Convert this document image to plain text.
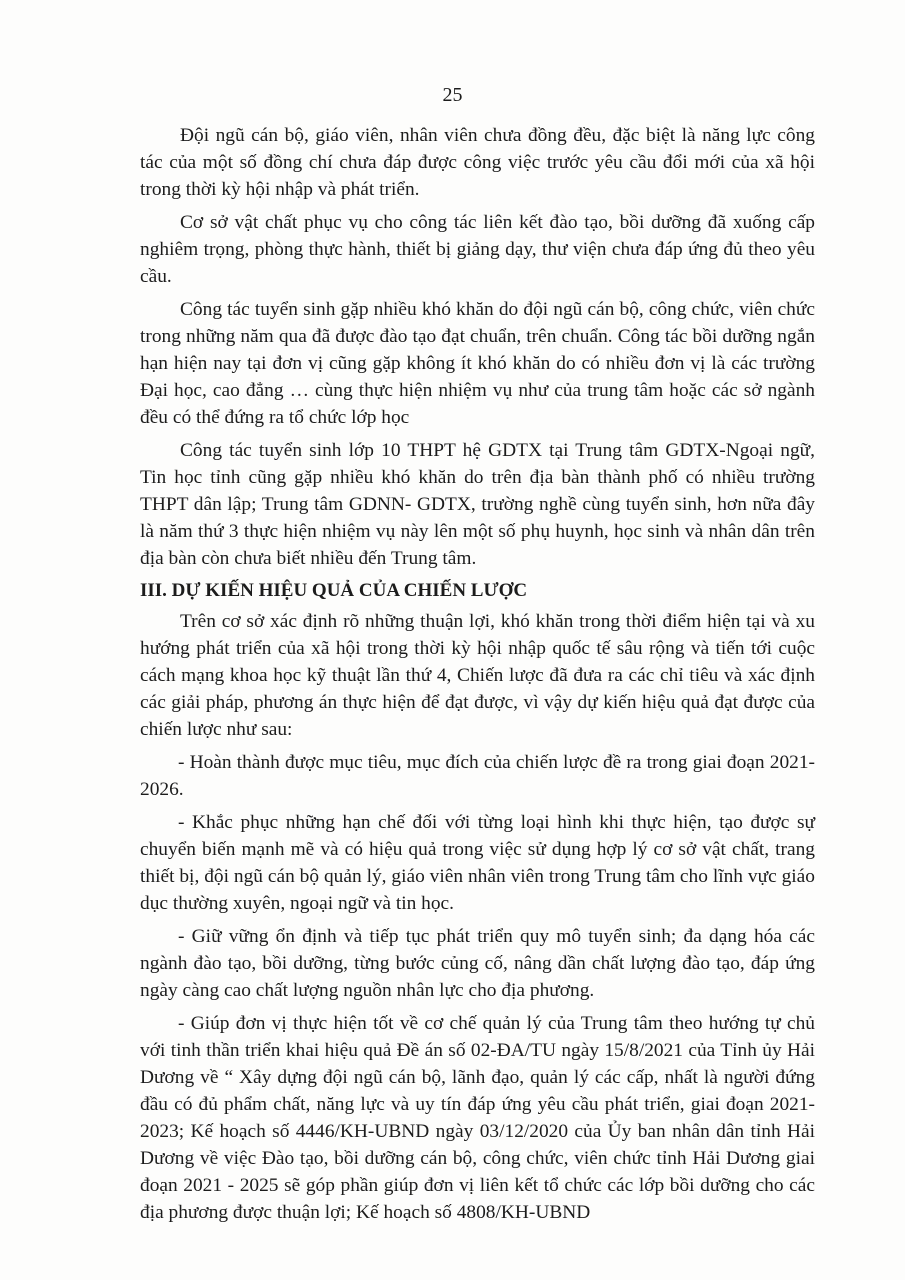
25

Đội ngũ cán bộ, giáo viên, nhân viên chưa đồng đều, đặc biệt là năng lực công tác của một số đồng chí chưa đáp được công việc trước yêu cầu đổi mới của xã hội trong thời kỳ hội nhập và phát triển.

Cơ sở vật chất phục vụ cho công tác liên kết đào tạo, bồi dưỡng đã xuống cấp nghiêm trọng, phòng thực hành, thiết bị giảng dạy, thư viện chưa đáp ứng đủ theo yêu cầu.

Công tác tuyển sinh gặp nhiều khó khăn do đội ngũ cán bộ, công chức, viên chức trong những năm qua đã được đào tạo đạt chuẩn, trên chuẩn. Công tác bồi dưỡng ngắn hạn hiện nay tại đơn vị cũng gặp không ít khó khăn do có nhiều đơn vị là các trường Đại học, cao đẳng … cùng thực hiện nhiệm vụ như của trung tâm hoặc các sở ngành đều có thể đứng ra tổ chức lớp học

Công tác tuyển sinh lớp 10 THPT hệ GDTX tại Trung tâm GDTX-Ngoại ngữ, Tin học tỉnh cũng gặp nhiều khó khăn do trên địa bàn thành phố có nhiều trường THPT dân lập; Trung tâm GDNN- GDTX, trường nghề cùng tuyển sinh, hơn nữa đây là năm thứ 3 thực hiện nhiệm vụ này lên một số phụ huynh, học sinh và nhân dân trên địa bàn còn chưa biết nhiều đến Trung tâm.

III. DỰ KIẾN HIỆU QUẢ CỦA CHIẾN LƯỢC

Trên cơ sở xác định rõ những thuận lợi, khó khăn trong thời điểm hiện tại và xu hướng phát triển của xã hội trong thời kỳ hội nhập quốc tế sâu rộng và tiến tới cuộc cách mạng khoa học kỹ thuật lần thứ 4, Chiến lược đã đưa ra các chỉ tiêu và xác định các giải pháp, phương án thực hiện để đạt được, vì vậy dự kiến hiệu quả đạt được của chiến lược như sau:

- Hoàn thành được mục tiêu, mục đích của chiến lược đề ra trong giai đoạn 2021-2026.

- Khắc phục những hạn chế đối với từng loại hình khi thực hiện, tạo được sự chuyển biến mạnh mẽ và có hiệu quả trong việc sử dụng hợp lý cơ sở vật chất, trang thiết bị, đội ngũ cán bộ quản lý, giáo viên nhân viên trong Trung tâm cho lĩnh vực giáo dục thường xuyên, ngoại ngữ và tin học.

- Giữ vững ổn định và tiếp tục phát triển quy mô tuyển sinh; đa dạng hóa các ngành đào tạo, bồi dưỡng, từng bước củng cố, nâng dần chất lượng đào tạo, đáp ứng ngày càng cao chất lượng nguồn nhân lực cho địa phương.

- Giúp đơn vị thực hiện tốt về cơ chế quản lý của Trung tâm theo hướng tự chủ với tinh thần triển khai hiệu quả Đề án số 02-ĐA/TU ngày 15/8/2021 của Tỉnh ủy Hải Dương về “ Xây dựng đội ngũ cán bộ, lãnh đạo, quản lý các cấp, nhất là người đứng đầu có đủ phẩm chất, năng lực và uy tín đáp ứng yêu cầu phát triển, giai đoạn 2021-2023; Kế hoạch số 4446/KH-UBND ngày 03/12/2020 của Ủy ban nhân dân tỉnh Hải Dương về việc Đào tạo, bồi dưỡng cán bộ, công chức, viên chức tỉnh Hải Dương giai đoạn 2021 - 2025 sẽ góp phần giúp đơn vị liên kết tổ chức các lớp bồi dưỡng cho các địa phương được thuận lợi; Kế hoạch số 4808/KH-UBND
